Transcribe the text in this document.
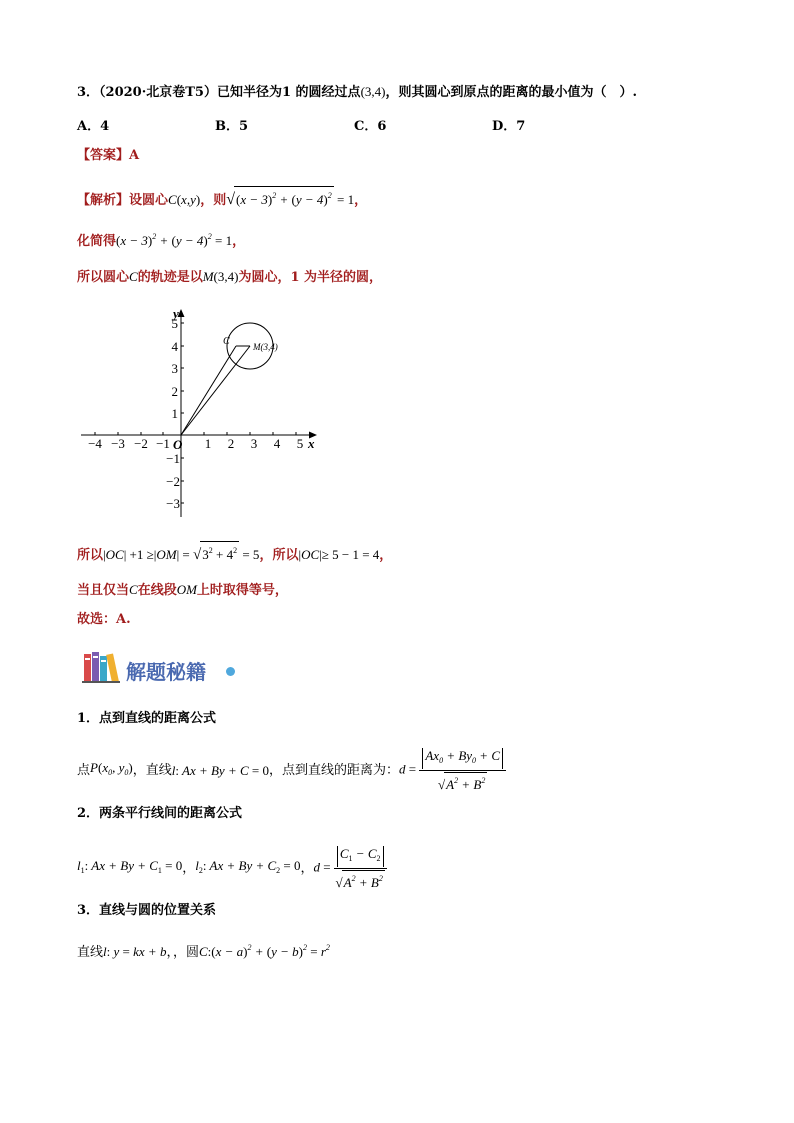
3．（2020·北京卷T5）已知半径为1 的圆经过点(3,4)，则其圆心到原点的距离的最小值为（　）.
A．4	B．5	C．6	D．7
【答案】A
【解析】设圆心C(x,y)，则$√(x - 3)^2 + (y - 4)^2 = 1$，
化简得$(x - 3)^2 + (y - 4)^2 = 1$，
所以圆心C的轨迹是以M(3,4)为圆心，1 为半径的圆，
−4 −3 −2 −1	1 2 3 4 5 x
5
4
3
2
1
−1
−2
−3
y
O
C	M(3,4)
所以$|OC| +1 \ge|OM| = √3^2 + 4^2 = 5$，所以|OC|≥ 5 − 1 = 4，
当且仅当C在线段OM上时取得等号，
故选：A.
解题秘籍
1．点到直线的距离公式
点$P(x_0$, $y_0$)，直线l: Ax + By + C = 0，点到直线的距离为：$d = \frac{Ax_0 + By_0 + C}{√A^2 + B^2}$
2．两条平行线间的距离公式
$l_1$: $Ax + By + C_1 = 0$，$l_2$: $Ax + By + C_2 = 0$，$d = \frac{C_1 - C_2}{√A^2 + B^2}$
3．直线与圆的位置关系
直线l: y = kx + b，，圆C:(x − $a)^2 + (y - b)^2 = r^2$
